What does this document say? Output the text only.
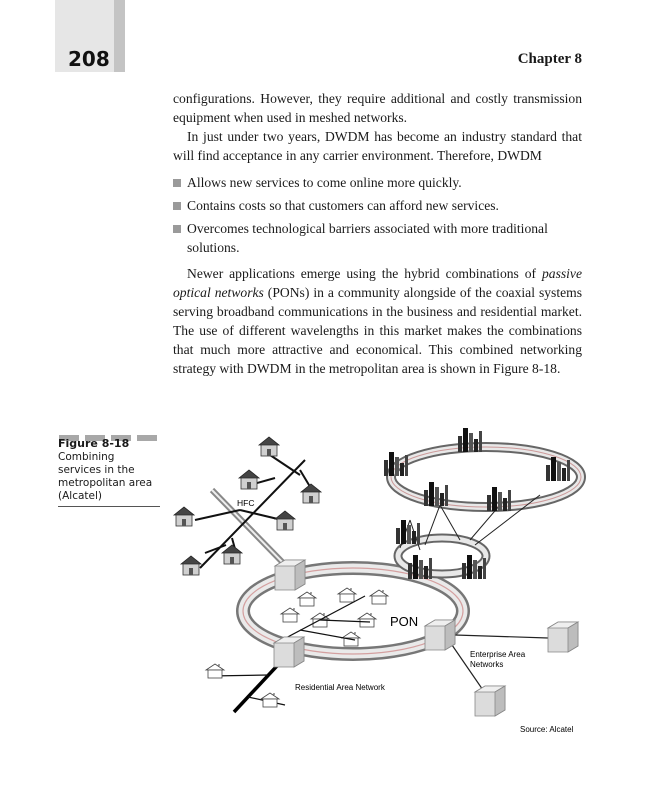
208	Chapter 8

configurations. However, they require additional and costly transmission equipment when used in meshed networks.

In just under two years, DWDM has become an industry standard that will find acceptance in any carrier environment. Therefore, DWDM

Allows new services to come online more quickly.
Contains costs so that customers can afford new services.
Overcomes technological barriers associated with more traditional solutions.

Newer applications emerge using the hybrid combinations of passive optical networks (PONs) in a community alongside of the coaxial systems serving broadband communications in the business and residential market. The use of different wavelengths in this market makes the combinations that much more attractive and economical. This combined networking strategy with DWDM in the metropolitan area is shown in Figure 8-18.

Figure 8-18
Combining services in the metropolitan area (Alcatel)
HFC
PON
Residential Area Network
Enterprise Area Networks
Source: Alcatel
